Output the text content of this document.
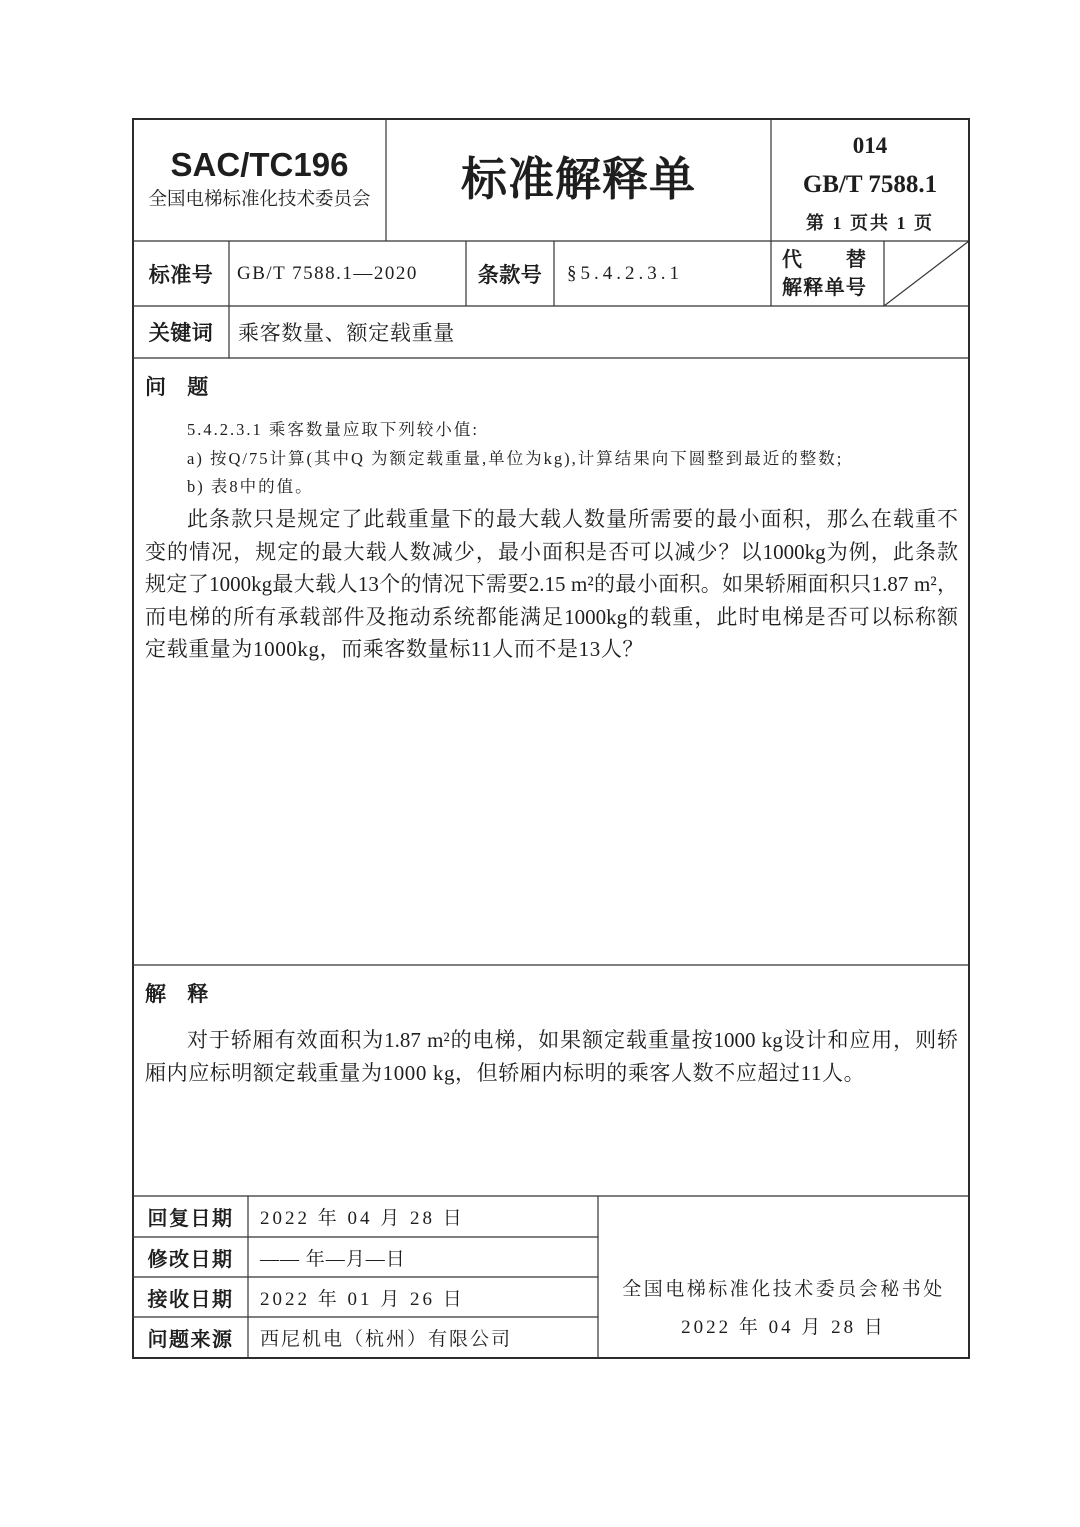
SAC/TC196
全国电梯标准化技术委员会 标准解释单
014
GB/T 7588.1
第 1 页共 1 页
标准号 GB/T 7588.1—2020	条款号 §5.4.2.3.1
代 替
解释单号
关键词 乘客数量、额定载重量
问 题
5.4.2.3.1 乘客数量应取下列较小值:
a) 按Q/75计算(其中Q 为额定载重量,单位为kg),计算结果向下圆整到最近的整数;
b) 表8中的值。
此条款只是规定了此载重量下的最大载人数量所需要的最小面积，那么在载重不
变的情况，规定的最大载人数减少，最小面积是否可以减少？以1000kg为例，此条款
规定了1000kg最大载人13个的情况下需要2.15 m²的最小面积。如果轿厢面积只1.87 m²，
而电梯的所有承载部件及拖动系统都能满足1000kg的载重，此时电梯是否可以标称额
定载重量为1000kg，而乘客数量标11人而不是13人？
解 释
对于轿厢有效面积为1.87 m²的电梯，如果额定载重量按1000 kg设计和应用，则轿
厢内应标明额定载重量为1000 kg，但轿厢内标明的乘客人数不应超过11人。
回复日期 2022 年 04 月 28 日
修改日期 —— 年—月—日
接收日期 2022 年 01 月 26 日
问题来源 西尼机电（杭州）有限公司
全国电梯标准化技术委员会秘书处
2022 年 04 月 28 日
